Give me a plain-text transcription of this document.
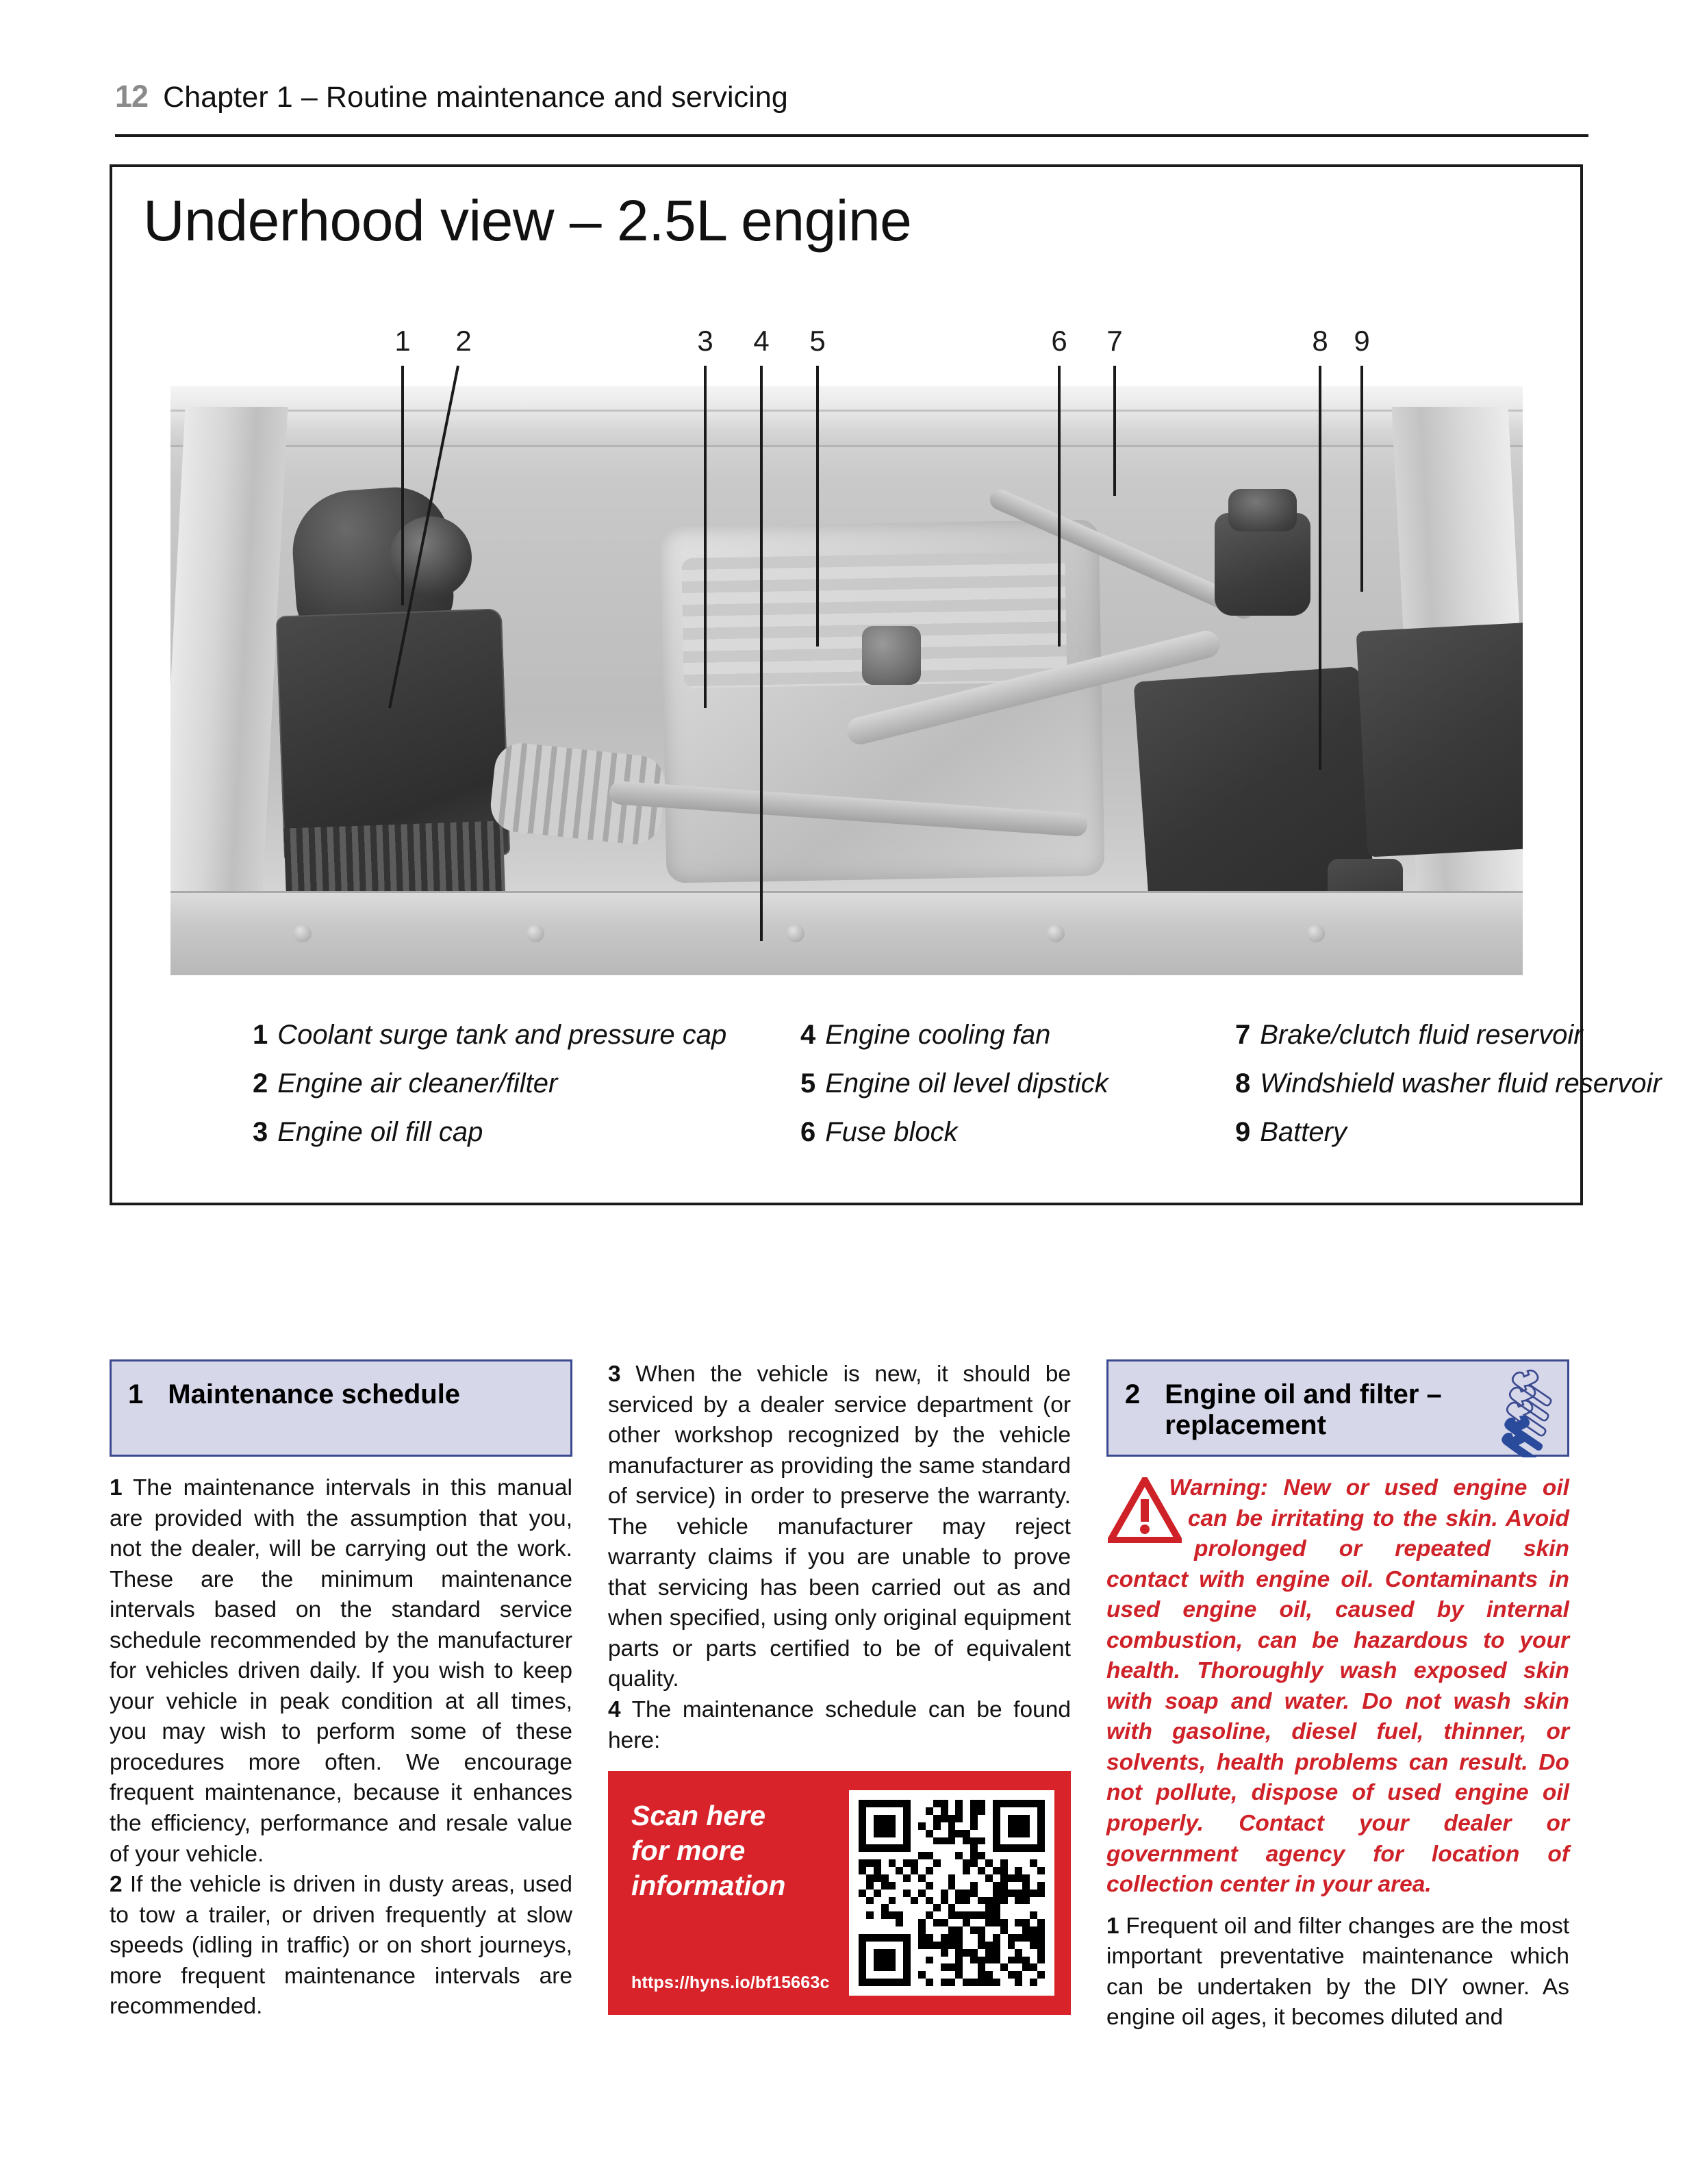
12 Chapter 1 – Routine maintenance and servicing
Underhood view – 2.5L engine
1 2	3 4 5	6 7	8 9
1 Coolant surge tank and pressure cap
2 Engine air cleaner/filter
3 Engine oil fill cap
4 Engine cooling fan
5 Engine oil level dipstick
6 Fuse block
7 Brake/clutch fluid reservoir
8 Windshield washer fluid reservoir
9 Battery
1 Maintenance schedule

1 The maintenance intervals in this manual are provided with the assumption that you, not the dealer, will be carrying out the work. These are the minimum maintenance intervals based on the standard service schedule recommended by the manufacturer for vehicles driven daily. If you wish to keep your vehicle in peak condition at all times, you may wish to perform some of these procedures more often. We encourage frequent maintenance, because it enhances the efficiency, performance and resale value of your vehicle.

2 If the vehicle is driven in dusty areas, used to tow a trailer, or driven frequently at slow speeds (idling in traffic) or on short journeys, more frequent maintenance intervals are recommended.

3 When the vehicle is new, it should be serviced by a dealer service department (or other workshop recognized by the vehicle manufacturer as providing the same standard of service) in order to preserve the warranty. The vehicle manufacturer may reject warranty claims if you are unable to prove that servicing has been carried out as and when specified, using only original equipment parts or parts certified to be of equivalent quality.

4 The maintenance schedule can be found here:

Scan here
for more
information
https://hyns.io/bf15663c
2 Engine oil and filter –
replacement
Warning: New or used engine oil can be irritating to the skin. Avoid prolonged or repeated skin contact with engine oil. Contaminants in used engine oil, caused by internal combustion, can be hazardous to your health. Thoroughly wash exposed skin with soap and water. Do not wash skin with gasoline, diesel fuel, thinner, or solvents, health problems can result. Do not pollute, dispose of used engine oil properly. Contact your dealer or government agency for location of collection center in your area.

1 Frequent oil and filter changes are the most important preventative maintenance which can be undertaken by the DIY owner. As engine oil ages, it becomes diluted and
